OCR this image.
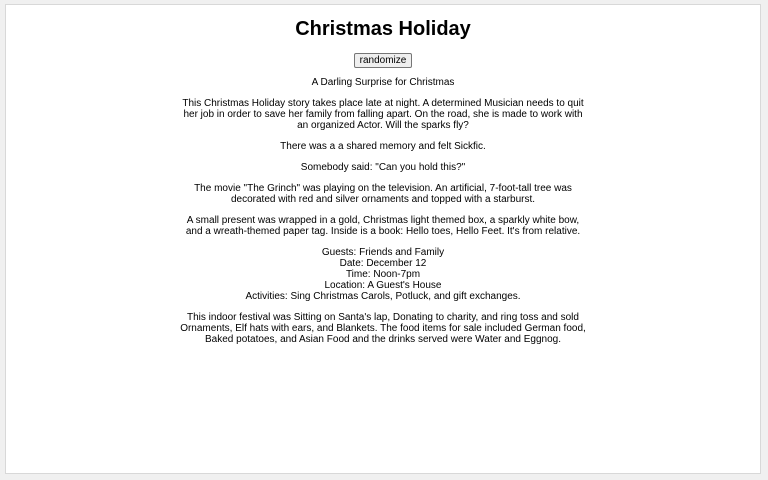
Christmas Holiday
randomize

A Darling Surprise for Christmas

This Christmas Holiday story takes place late at night. A determined Musician needs to quit her job in order to save her family from falling apart. On the road, she is made to work with an organized Actor. Will the sparks fly?

There was a a shared memory and felt Sickfic.

Somebody said: "Can you hold this?"

The movie "The Grinch" was playing on the television. An artificial, 7-foot-tall tree was decorated with red and silver ornaments and topped with a starburst.

A small present was wrapped in a gold, Christmas light themed box, a sparkly white bow, and a wreath-themed paper tag. Inside is a book: Hello toes, Hello Feet. It's from relative.

Guests: Friends and Family

Date: December 12

Time: Noon-7pm

Location: A Guest's House

Activities: Sing Christmas Carols, Potluck, and gift exchanges.

This indoor festival was Sitting on Santa's lap, Donating to charity, and ring toss and sold Ornaments, Elf hats with ears, and Blankets. The food items for sale included German food, Baked potatoes, and Asian Food and the drinks served were Water and Eggnog.
